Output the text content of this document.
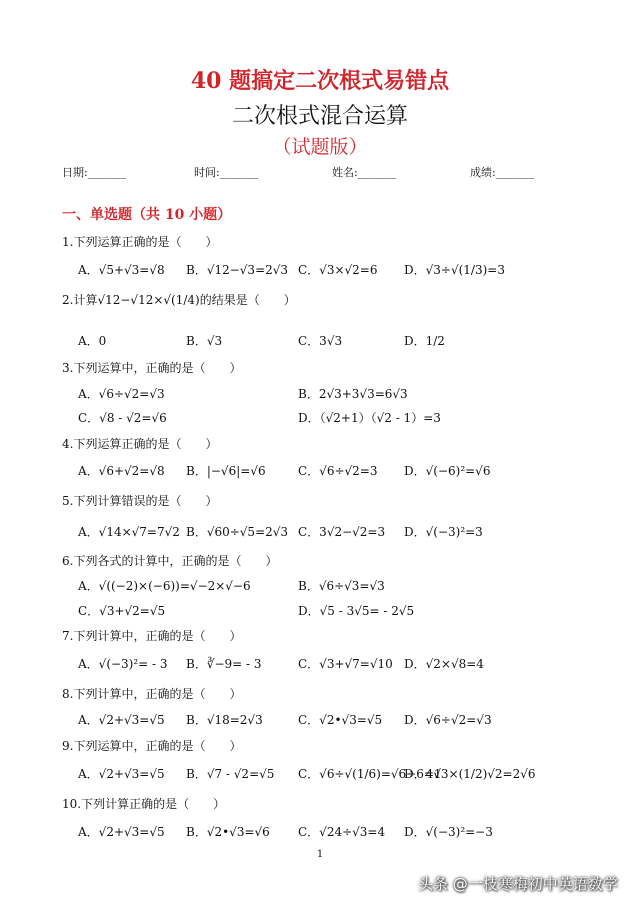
40 题搞定二次根式易错点
二次根式混合运算
（试题版）
日期:_______	时间:_______	姓名:_______	成绩:_______
一、单选题（共 10 小题）
1.下列运算正确的是（　　）
A．√5+√3=√8 B．√12−√3=2√3 C．√3×√2=6 D．√3÷√(1/3)=3
2.计算√12−√12×√(1/4)的结果是（　　）
A．0	B．√3	C．3√3	D．1/2
3.下列运算中，正确的是（　　）
A．√6÷√2=√3	B．2√3+3√3=6√3
C．√8 - √2=√6	D．（√2+1）（√2 - 1）=3
4.下列运算正确的是（　　）
A．√6+√2=√8 B．|−√6|=√6	C．√6÷√2=3 D．√(−6)²=√6
5.下列计算错误的是（　　）
A．√14×√7=7√2 B．√60÷√5=2√3 C．3√2−√2=3 D．√(−3)²=3
6.下列各式的计算中，正确的是（　　）
A．√((−2)×(−6))=√−2×√−6	B．√6÷√3=√3
C．√3+√2=√5	D．√5 - 3√5= - 2√5
7.下列计算中，正确的是（　　）
A．√(−3)²= - 3 B．∛−9= - 3	C．√3+√7=√10 D．√2×√8=4
8.下列计算中，正确的是（　　）
A．√2+√3=√5 B．√18=2√3	C．√2•√3=√5 D．√6÷√2=√3
9.下列运算中，正确的是（　　）
A．√2+√3=√5 B．√7 - √2=√5 C．√6÷√(1/6)=√6÷6=1
D．4√3×(1/2)√2=2√6
10.下列计算正确的是（　　）
A．√2+√3=√5 B．√2•√3=√6 C．√24÷√3=4 D．√(−3)²=−3
1
头条 @一枝寒梅初中英语数学
